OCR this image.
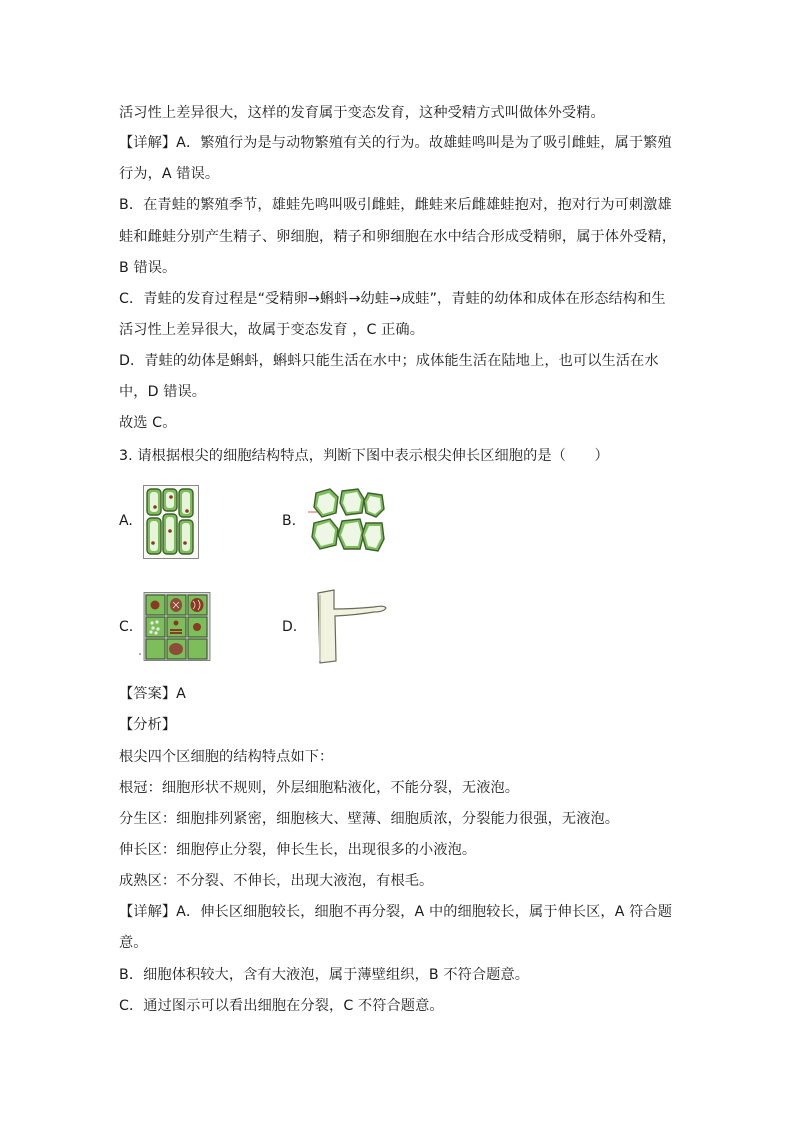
活习性上差异很大，这样的发育属于变态发育，这种受精方式叫做体外受精。
【详解】A．繁殖行为是与动物繁殖有关的行为。故雄蛙鸣叫是为了吸引雌蛙，属于繁殖
行为，A 错误。
B．在青蛙的繁殖季节，雄蛙先鸣叫吸引雌蛙，雌蛙来后雌雄蛙抱对，抱对行为可刺激雄
蛙和雌蛙分别产生精子、卵细胞，精子和卵细胞在水中结合形成受精卵，属于体外受精，
B 错误。
C．青蛙的发育过程是“受精卵→蝌蚪→幼蛙→成蛙”，青蛙的幼体和成体在形态结构和生
活习性上差异很大，故属于变态发育 ，C 正确。
D．青蛙的幼体是蝌蚪，蝌蚪只能生活在水中；成体能生活在陆地上，也可以生活在水
中，D 错误。
故选 C。
3. 请根据根尖的细胞结构特点，判断下图中表示根尖伸长区细胞的是（　　）
A.	B.
C.	D.
【答案】A
【分析】
根尖四个区细胞的结构特点如下：
根冠：细胞形状不规则，外层细胞粘液化，不能分裂，无液泡。
分生区：细胞排列紧密，细胞核大、壁薄、细胞质浓，分裂能力很强，无液泡。
伸长区：细胞停止分裂，伸长生长，出现很多的小液泡。
成熟区：不分裂、不伸长，出现大液泡，有根毛。
【详解】A．伸长区细胞较长，细胞不再分裂，A 中的细胞较长，属于伸长区，A 符合题
意。
B．细胞体积较大，含有大液泡，属于薄壁组织，B 不符合题意。
C．通过图示可以看出细胞在分裂，C 不符合题意。
